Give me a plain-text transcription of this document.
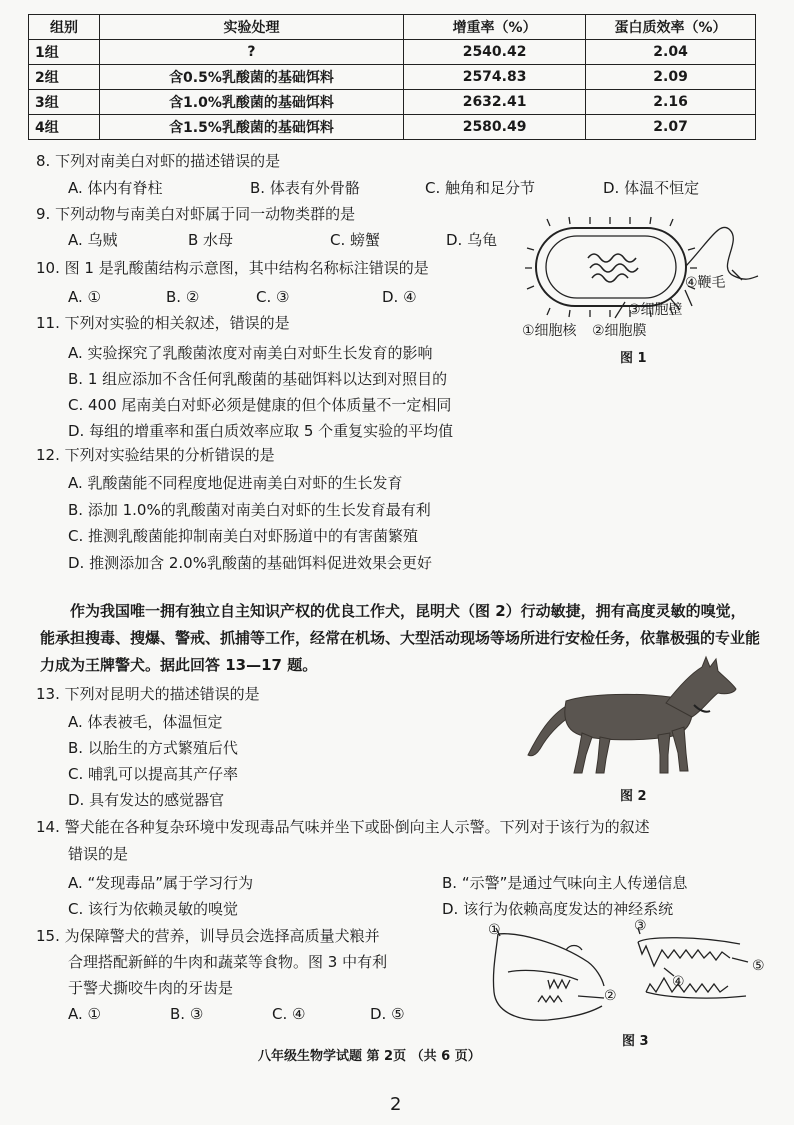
组别	实验处理	增重率（%）	蛋白质效率（%）
1组	?	2540.42	2.04
2组	含0.5%乳酸菌的基础饵料	2574.83	2.09
3组	含1.0%乳酸菌的基础饵料	2632.41	2.16
4组	含1.5%乳酸菌的基础饵料	2580.49	2.07
8. 下列对南美白对虾的描述错误的是
A. 体内有脊柱	B. 体表有外骨骼	C. 触角和足分节	D. 体温不恒定
9. 下列动物与南美白对虾属于同一动物类群的是
A. 乌贼	B 水母	C. 螃蟹	D. 乌龟
10. 图 1 是乳酸菌结构示意图，其中结构名称标注错误的是
A. ①	B. ②	C. ③	D. ④
④鞭毛
③细胞壁
①细胞核 ②细胞膜
图 1
11. 下列对实验的相关叙述，错误的是
A. 实验探究了乳酸菌浓度对南美白对虾生长发育的影响
B. 1 组应添加不含任何乳酸菌的基础饵料以达到对照目的
C. 400 尾南美白对虾必须是健康的但个体质量不一定相同
D. 每组的增重率和蛋白质效率应取 5 个重复实验的平均值
12. 下列对实验结果的分析错误的是
A. 乳酸菌能不同程度地促进南美白对虾的生长发育
B. 添加 1.0%的乳酸菌对南美白对虾的生长发育最有利
C. 推测乳酸菌能抑制南美白对虾肠道中的有害菌繁殖
D. 推测添加含 2.0%乳酸菌的基础饵料促进效果会更好
作为我国唯一拥有独立自主知识产权的优良工作犬，昆明犬（图 2）行动敏捷，拥有高度灵敏的嗅觉，能承担搜毒、搜爆、警戒、抓捕等工作，经常在机场、大型活动现场等场所进行安检任务，依靠极强的专业能力成为王牌警犬。据此回答 13—17 题。
13. 下列对昆明犬的描述错误的是
A. 体表被毛，体温恒定
B. 以胎生的方式繁殖后代
C. 哺乳可以提高其产仔率
D. 具有发达的感觉器官	图 2
14. 警犬能在各种复杂环境中发现毒品气味并坐下或卧倒向主人示警。下列对于该行为的叙述
错误的是
A. “发现毒品”属于学习行为	B. “示警”是通过气味向主人传递信息
C. 该行为依赖灵敏的嗅觉	D. 该行为依赖高度发达的神经系统
15. 为保障警犬的营养，训导员会选择高质量犬粮并
合理搭配新鲜的牛肉和蔬菜等食物。图 3 中有利
于警犬撕咬牛肉的牙齿是
A. ①	B. ③	C. ④	D. ⑤
①
②
③
④
⑤
图 3
八年级生物学试题 第 2页 （共 6 页）
2
